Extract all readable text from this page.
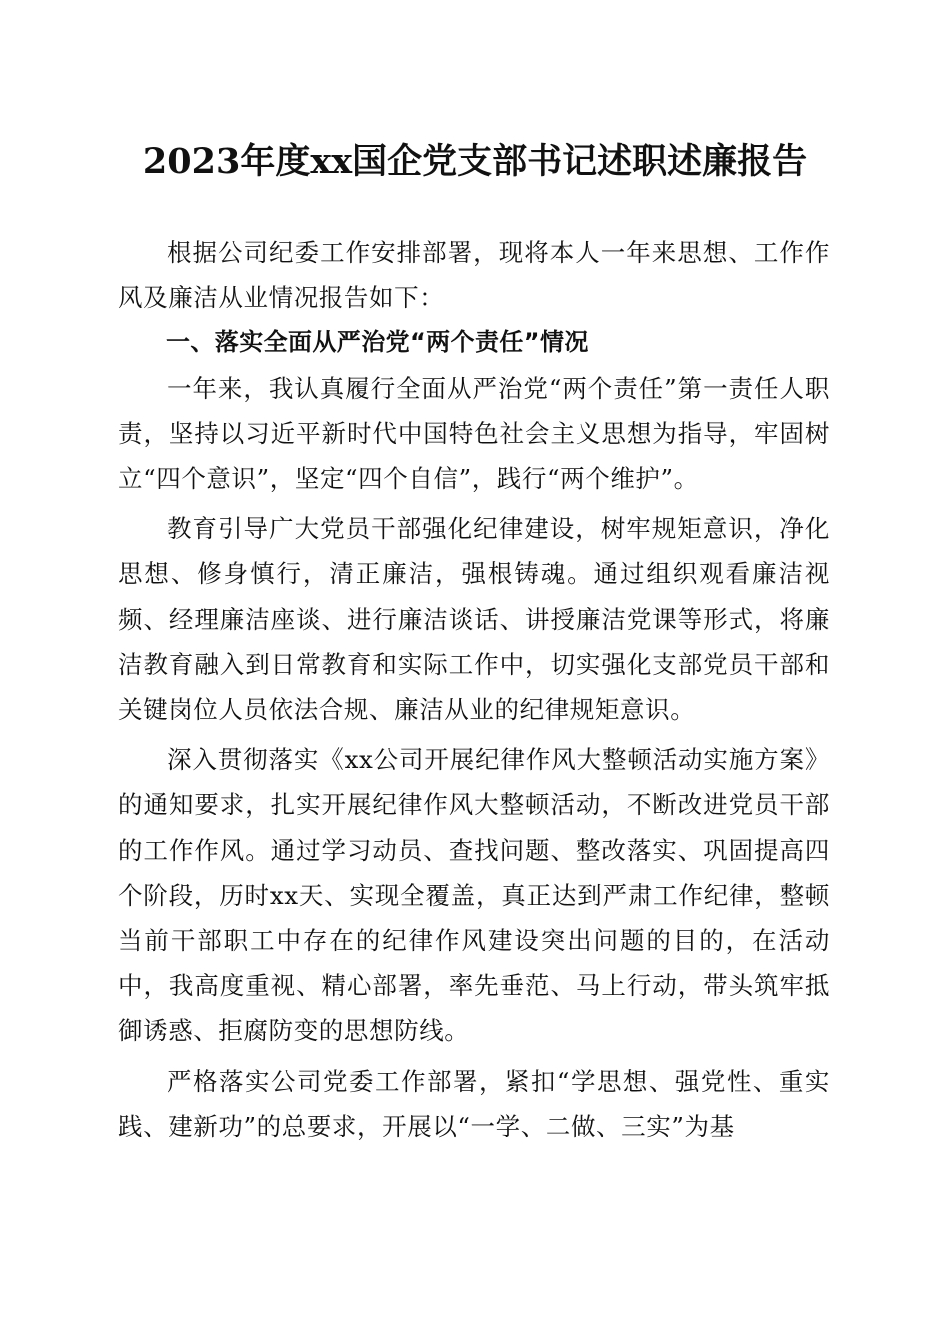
2023年度xx国企党支部书记述职述廉报告

根据公司纪委工作安排部署，现将本人一年来思想、工作作风及廉洁从业情况报告如下：

一、落实全面从严治党“两个责任”情况

一年来，我认真履行全面从严治党“两个责任”第一责任人职责，坚持以习近平新时代中国特色社会主义思想为指导，牢固树立“四个意识”，坚定“四个自信”，践行“两个维护”。

教育引导广大党员干部强化纪律建设，树牢规矩意识，净化思想、修身慎行，清正廉洁，强根铸魂。通过组织观看廉洁视频、经理廉洁座谈、进行廉洁谈话、讲授廉洁党课等形式，将廉洁教育融入到日常教育和实际工作中，切实强化支部党员干部和关键岗位人员依法合规、廉洁从业的纪律规矩意识。

深入贯彻落实《xx公司开展纪律作风大整顿活动实施方案》的通知要求，扎实开展纪律作风大整顿活动，不断改进党员干部的工作作风。通过学习动员、查找问题、整改落实、巩固提高四个阶段，历时xx天、实现全覆盖，真正达到严肃工作纪律，整顿当前干部职工中存在的纪律作风建设突出问题的目的，在活动中，我高度重视、精心部署，率先垂范、马上行动，带头筑牢抵御诱惑、拒腐防变的思想防线。

严格落实公司党委工作部署，紧扣“学思想、强党性、重实践、建新功”的总要求，开展以“一学、二做、三实”为基
